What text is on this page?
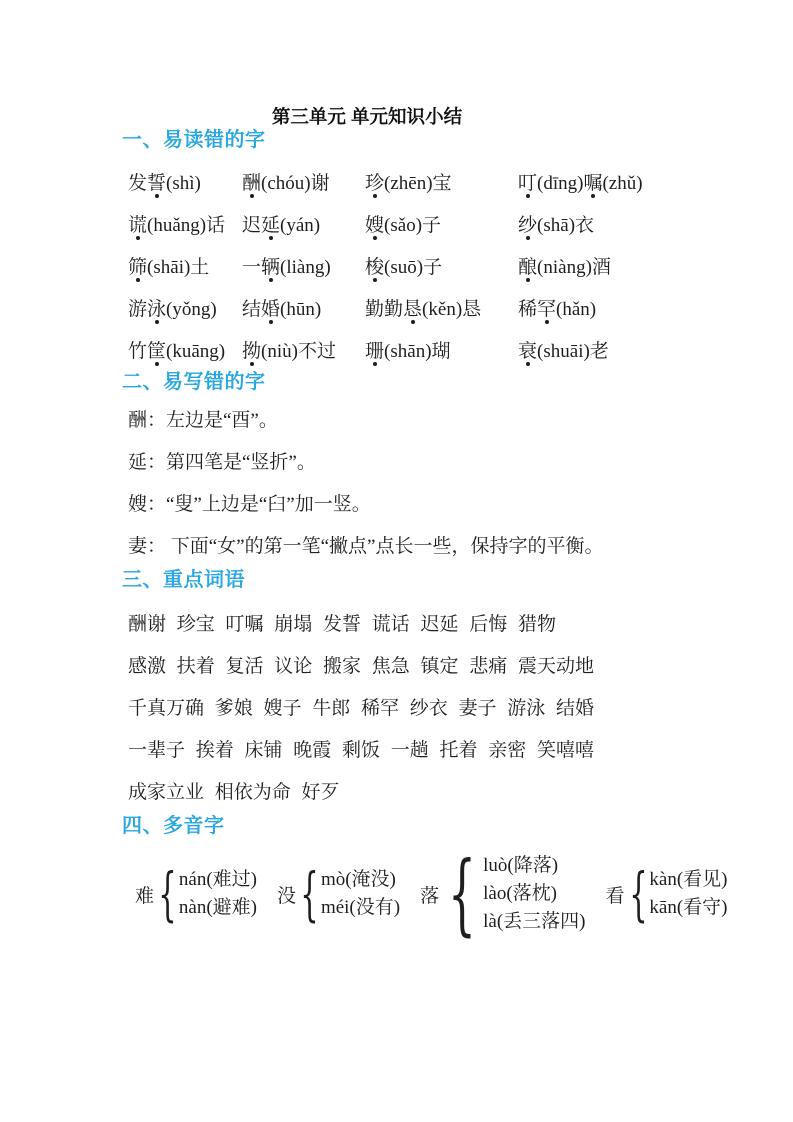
第三单元 单元知识小结
一、易读错的字
发誓(shì)	酬(chóu)谢	珍(zhēn)宝	叮(dīng)嘱(zhǔ)
谎(huǎng)话 迟延(yán)	嫂(sǎo)子	纱(shā)衣
筛(shāi)土	一辆(liàng)	梭(suō)子	酿(niàng)酒
游泳(yǒng)	结婚(hūn)	勤勤恳(kěn)恳	稀罕(hǎn)
竹筐(kuāng) 拗(niù)不过	珊(shān)瑚	衰(shuāi)老
二、易写错的字
酬：左边是“酉”。
延：第四笔是“竖折”。
嫂：“叟”上边是“臼”加一竖。
妻： 下面“女”的第一笔“撇点”点长一些，保持字的平衡。
三、重点词语
酬谢 珍宝 叮嘱 崩塌 发誓 谎话 迟延 后悔 猎物
感激 扶着 复活 议论 搬家 焦急 镇定 悲痛 震天动地
千真万确 爹娘 嫂子 牛郎 稀罕 纱衣 妻子 游泳 结婚
一辈子 挨着 床铺 晚霞 剩饭 一趟 托着 亲密 笑嘻嘻
成家立业 相依为命 好歹
四、多音字
难 { nán(难过)
nàn(避难)
没 { mò(淹没)
méi(没有)
落 { luò(降落)
lào(落枕)
là(丢三落四)
看 { kàn(看见)
kān(看守)
